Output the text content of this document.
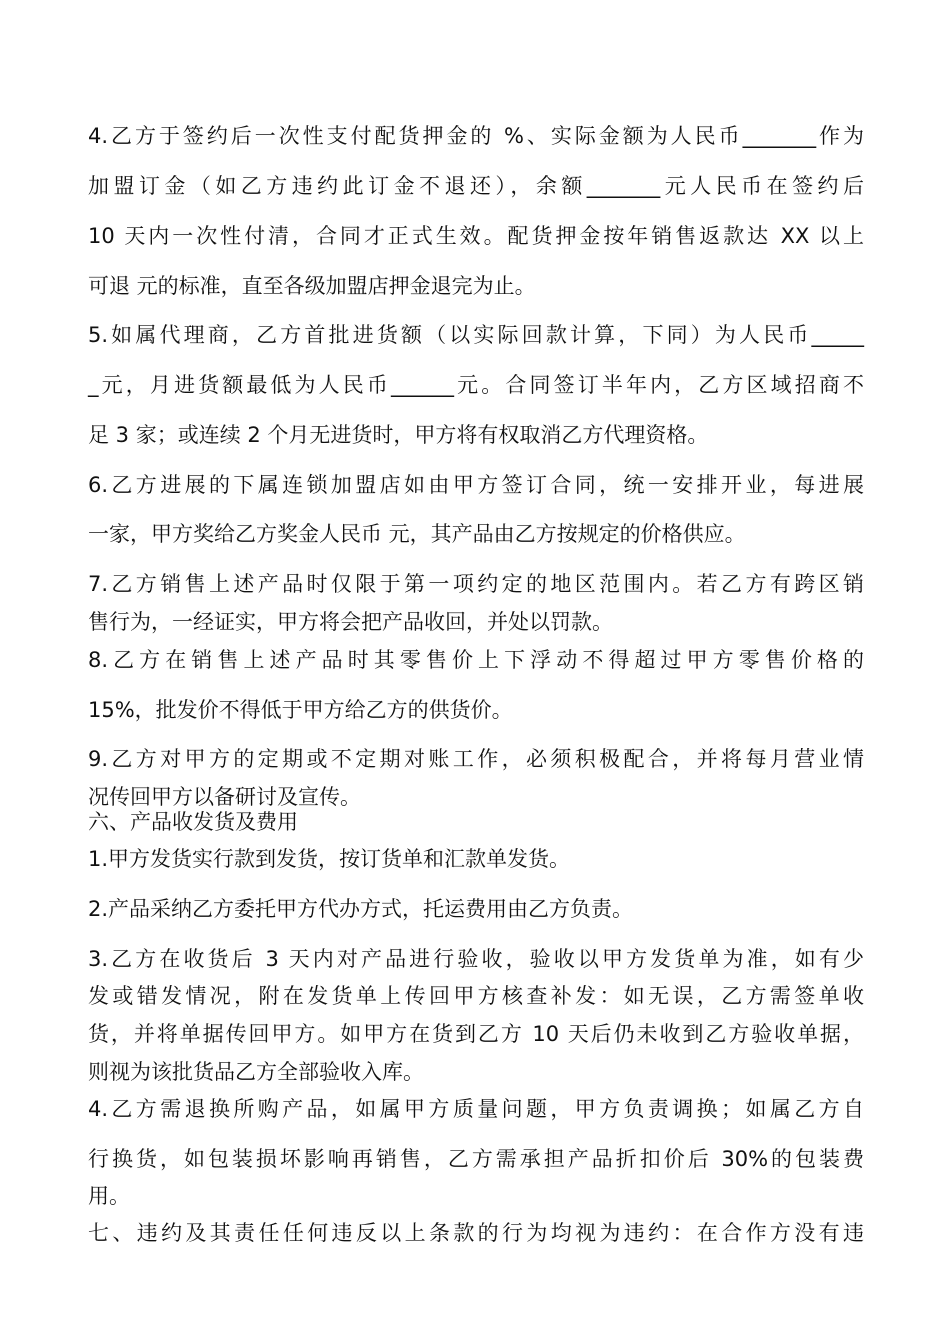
4.乙方于签约后一次性支付配货押金的 %、实际金额为人民币_______作为
加盟订金（如乙方违约此订金不退还），余额_______元人民币在签约后
10 天内一次性付清，合同才正式生效。配货押金按年销售返款达 XX 以上
可退 元的标准，直至各级加盟店押金退完为止。
5.如属代理商，乙方首批进货额（以实际回款计算，下同）为人民币_____
_元，月进货额最低为人民币______元。合同签订半年内，乙方区域招商不
足 3 家；或连续 2 个月无进货时，甲方将有权取消乙方代理资格。
6.乙方进展的下属连锁加盟店如由甲方签订合同，统一安排开业，每进展
一家，甲方奖给乙方奖金人民币 元，其产品由乙方按规定的价格供应。
7.乙方销售上述产品时仅限于第一项约定的地区范围内。若乙方有跨区销
售行为，一经证实，甲方将会把产品收回，并处以罚款。
8.乙方在销售上述产品时其零售价上下浮动不得超过甲方零售价格的
15%，批发价不得低于甲方给乙方的供货价。
9.乙方对甲方的定期或不定期对账工作，必须积极配合，并将每月营业情
况传回甲方以备研讨及宣传。
六、产品收发货及费用
1.甲方发货实行款到发货，按订货单和汇款单发货。
2.产品采纳乙方委托甲方代办方式，托运费用由乙方负责。
3.乙方在收货后 3 天内对产品进行验收，验收以甲方发货单为准，如有少
发或错发情况，附在发货单上传回甲方核查补发：如无误，乙方需签单收
货，并将单据传回甲方。如甲方在货到乙方 10 天后仍未收到乙方验收单据，
则视为该批货品乙方全部验收入库。
4.乙方需退换所购产品，如属甲方质量问题，甲方负责调换；如属乙方自
行换货，如包装损坏影响再销售，乙方需承担产品折扣价后 30%的包装费
用。
七、违约及其责任任何违反以上条款的行为均视为违约：在合作方没有违
